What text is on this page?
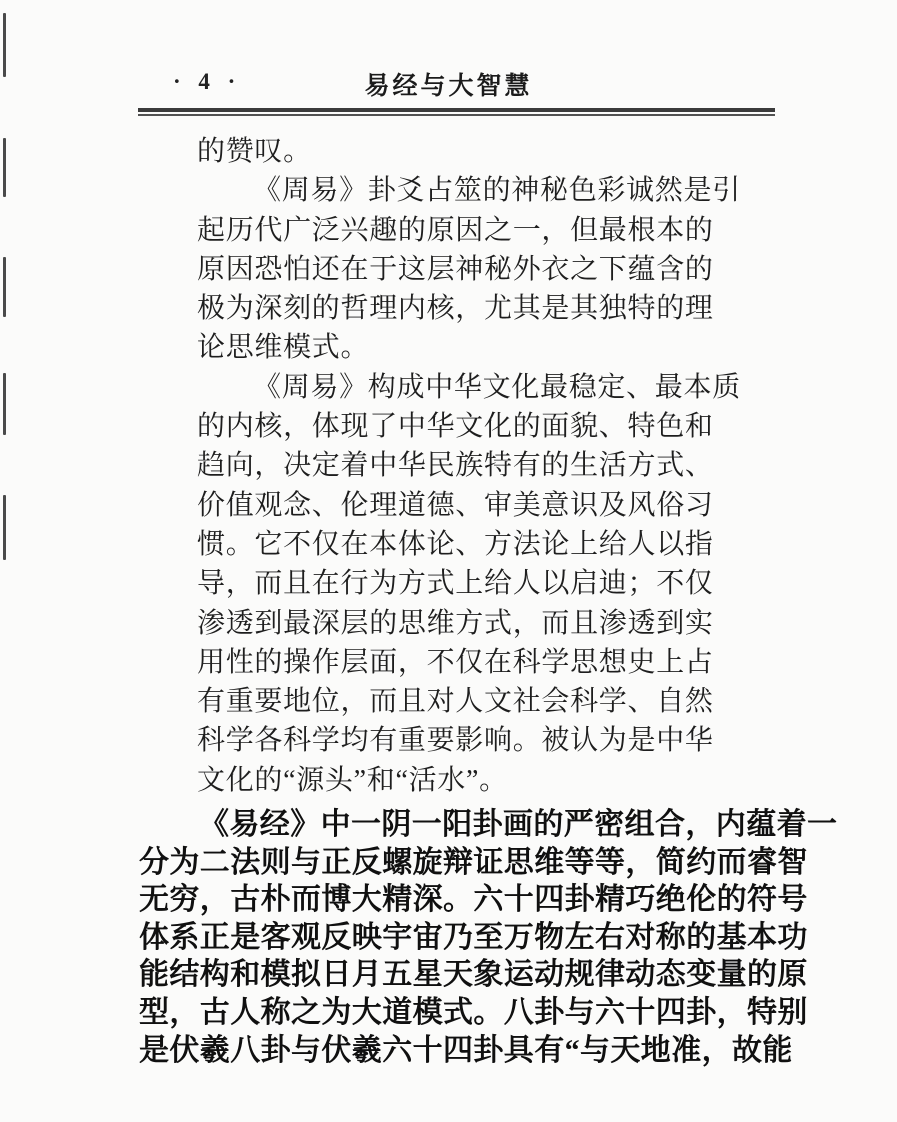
· 4 ·	易经与大智慧
的赞叹。
《周易》卦爻占筮的神秘色彩诚然是引
起历代广泛兴趣的原因之一，但最根本的
原因恐怕还在于这层神秘外衣之下蕴含的
极为深刻的哲理内核，尤其是其独特的理
论思维模式。
《周易》构成中华文化最稳定、最本质
的内核，体现了中华文化的面貌、特色和
趋向，决定着中华民族特有的生活方式、
价值观念、伦理道德、审美意识及风俗习
惯。它不仅在本体论、方法论上给人以指
导，而且在行为方式上给人以启迪；不仅
渗透到最深层的思维方式，而且渗透到实
用性的操作层面，不仅在科学思想史上占
有重要地位，而且对人文社会科学、自然
科学各科学均有重要影响。被认为是中华
文化的“源头”和“活水”。
《易经》中一阴一阳卦画的严密组合，内蕴着一
分为二法则与正反螺旋辩证思维等等，简约而睿智
无穷，古朴而博大精深。六十四卦精巧绝伦的符号
体系正是客观反映宇宙乃至万物左右对称的基本功
能结构和模拟日月五星天象运动规律动态变量的原
型，古人称之为大道模式。八卦与六十四卦，特别
是伏羲八卦与伏羲六十四卦具有“与天地准，故能
